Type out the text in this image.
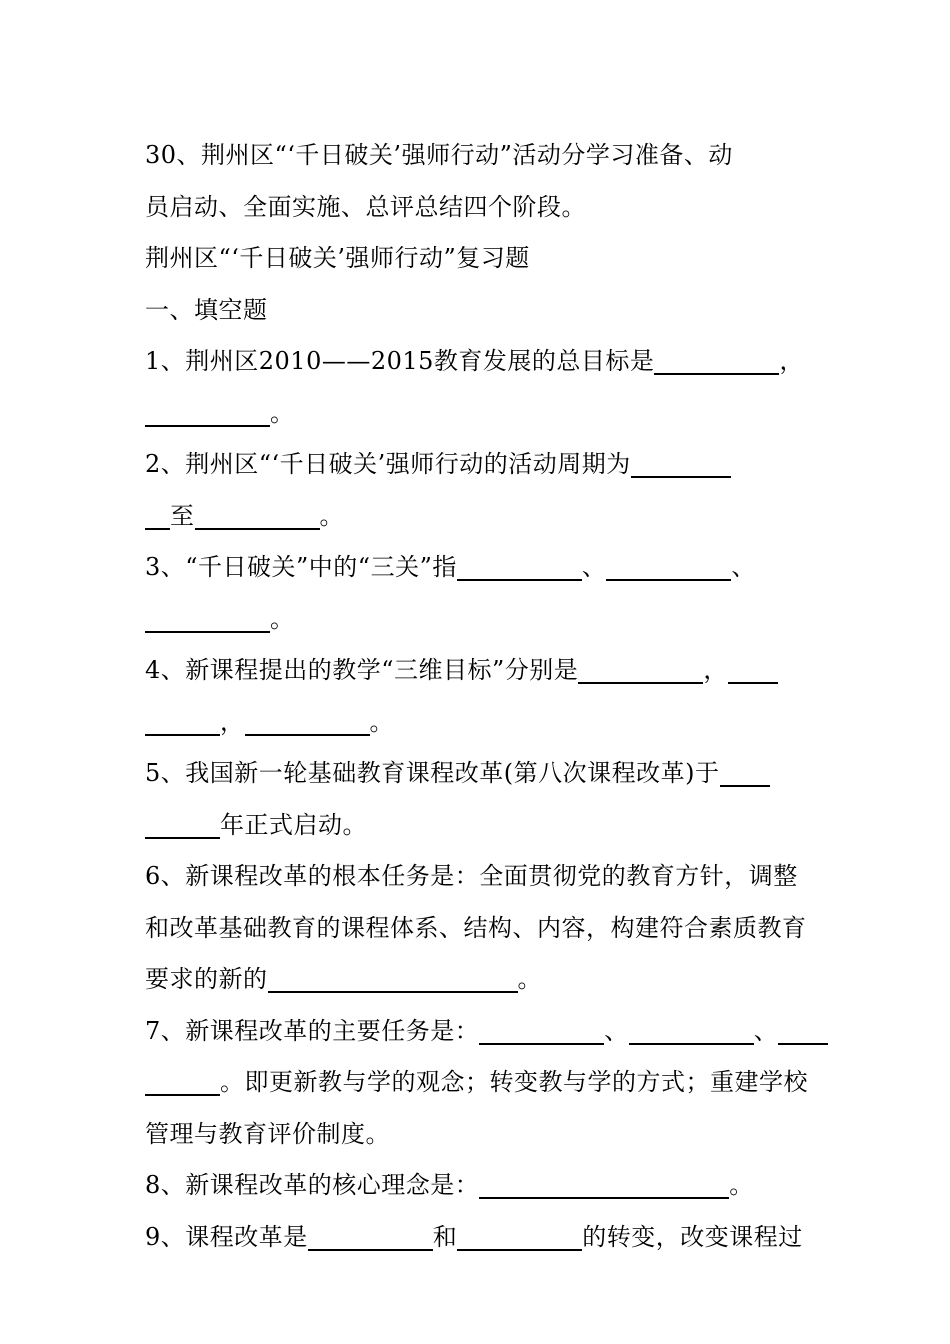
30、荆州区“‘千日破关’强师行动”活动分学习准备、动
员启动、全面实施、总评总结四个阶段。
荆州区“‘千日破关’强师行动”复习题
一、填空题
1、荆州区2010——2015教育发展的总目标是	，
。
2、荆州区“‘千日破关’强师行动的活动周期为
至	。
3、“千日破关”中的“三关”指	、	、
。
4、新课程提出的教学“三维目标”分别是	，
，	。
5、我国新一轮基础教育课程改革(第八次课程改革)于
年正式启动。
6、新课程改革的根本任务是：全面贯彻党的教育方针，调整
和改革基础教育的课程体系、结构、内容，构建符合素质教育
要求的新的	。
7、新课程改革的主要任务是：	、	、
。即更新教与学的观念；转变教与学的方式；重建学校
管理与教育评价制度。
8、新课程改革的核心理念是：	。
9、课程改革是	和	的转变，改变课程过
